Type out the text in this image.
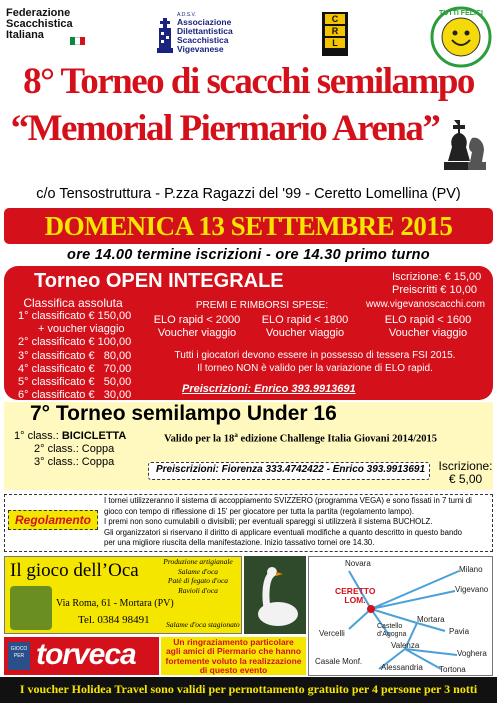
Federazione
Scacchistica
Italiana
A.D.S.V.
Associazione
Dilettantistica
Scacchistica
Vigevanese
C
R
L
TUTTI FELICI
8° Torneo di scacchi semilampo
“Memorial Piermario Arena”
c/o Tensostruttura - P.zza Ragazzi del '99 - Ceretto Lomellina (PV)
DOMENICA 13 SETTEMBRE 2015
ore 14.00 termine iscrizioni - ore 14.30 primo turno
Torneo OPEN INTEGRALE	Iscrizione: € 15,00
Preiscritti € 10,00
www.vigevanoscacchi.com
Classifica assoluta
1° classificato € 150,00
+ voucher viaggio
2° classificato € 100,00
3° classificato €   80,00
4° classificato €   70,00
5° classificato €   50,00
6° classificato €   30,00
PREMI E RIMBORSI SPESE:
ELO rapid < 2000
Voucher viaggio
ELO rapid < 1800
Voucher viaggio
ELO rapid < 1600
Voucher viaggio
Tutti i giocatori devono essere in possesso di tessera FSI 2015.
Il torneo NON è valido per la variazione di ELO rapid.
Preiscrizioni: Enrico 393.9913691
7° Torneo semilampo Under 16
1° class.: BICICLETTA
2° class.: Coppa
3° class.: Coppa
Valido per la 18$^a$ edizione Challenge Italia Giovani 2014/2015
Preiscrizioni: Fiorenza 333.4742422 - Enrico 393.9913691 Iscrizione:
€ 5,00
Regolamento
I tornei utilizzeranno il sistema di accoppiamento SVIZZERO (programma VEGA) e sono fissati in 7 turni di
gioco con tempo di riflessione di 15' per giocatore per tutta la partita (regolamento lampo).
I premi non sono cumulabili o divisibili; per eventuali spareggi si utilizzerà il sistema BUCHOLZ.
Gli organizzatori si riservano il diritto di applicare eventuali modifiche a quanto descritto in questo bando
per una migliore riuscita della manifestazione. Inizio tassativo tornei ore 14.30.
Il gioco dell’Oca
Via Roma, 61 - Mortara (PV)
Tel. 0384 98491
Produzione artigianale
Salame d'oca
Patè di fegato d'oca
Ravioli d'oca
Salame d'oca stagionato
Novara
Milano
CERETTO LOM.
Vigevano
Mortara
Vercelli
Castello d'Agogna	Pavia
Valenza
Voghera
Casale Monf.
Alessandria Tortona
GIOCO PER torveca	Un ringraziamento particolare
agli amici di Piermario che hanno
fortemente voluto la realizzazione
di questo evento
I voucher Holidea Travel sono validi per pernottamento gratuito per 4 persone per 3 notti
